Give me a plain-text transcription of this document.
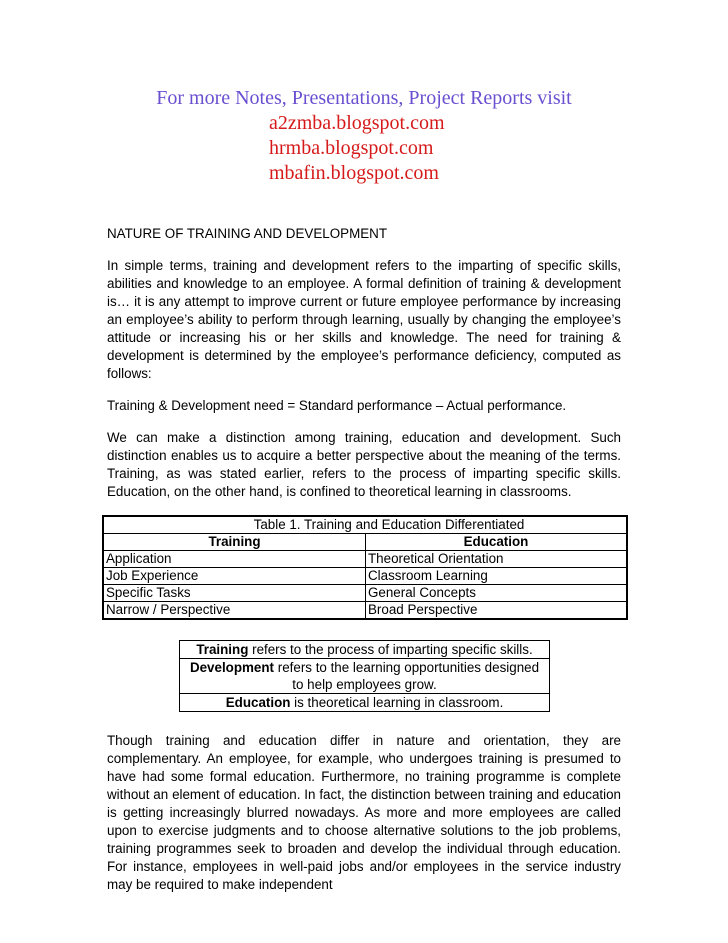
For more Notes, Presentations, Project Reports visit
a2zmba.blogspot.com
hrmba.blogspot.com
mbafin.blogspot.com

NATURE OF TRAINING AND DEVELOPMENT

In simple terms, training and development refers to the imparting of specific skills, abilities and knowledge to an employee. A formal definition of training & development is… it is any attempt to improve current or future employee performance by increasing an employee’s ability to perform through learning, usually by changing the employee’s attitude or increasing his or her skills and knowledge. The need for training & development is determined by the employee’s performance deficiency, computed as follows:

Training & Development need = Standard performance – Actual performance.

We can make a distinction among training, education and development. Such distinction enables us to acquire a better perspective about the meaning of the terms. Training, as was stated earlier, refers to the process of imparting specific skills. Education, on the other hand, is confined to theoretical learning in classrooms.

Table 1. Training and Education Differentiated	
Training	Education
Application	Theoretical Orientation
Job Experience	Classroom Learning
Specific Tasks	General Concepts
Narrow / Perspective	Broad Perspective
Training refers to the process of imparting specific skills.
Development refers to the learning opportunities designed to help employees grow.
Education is theoretical learning in classroom.

Though training and education differ in nature and orientation, they are complementary. An employee, for example, who undergoes training is presumed to have had some formal education. Furthermore, no training programme is complete without an element of education. In fact, the distinction between training and education is getting increasingly blurred nowadays. As more and more employees are called upon to exercise judgments and to choose alternative solutions to the job problems, training programmes seek to broaden and develop the individual through education. For instance, employees in well-paid jobs and/or employees in the service industry may be required to make independent
